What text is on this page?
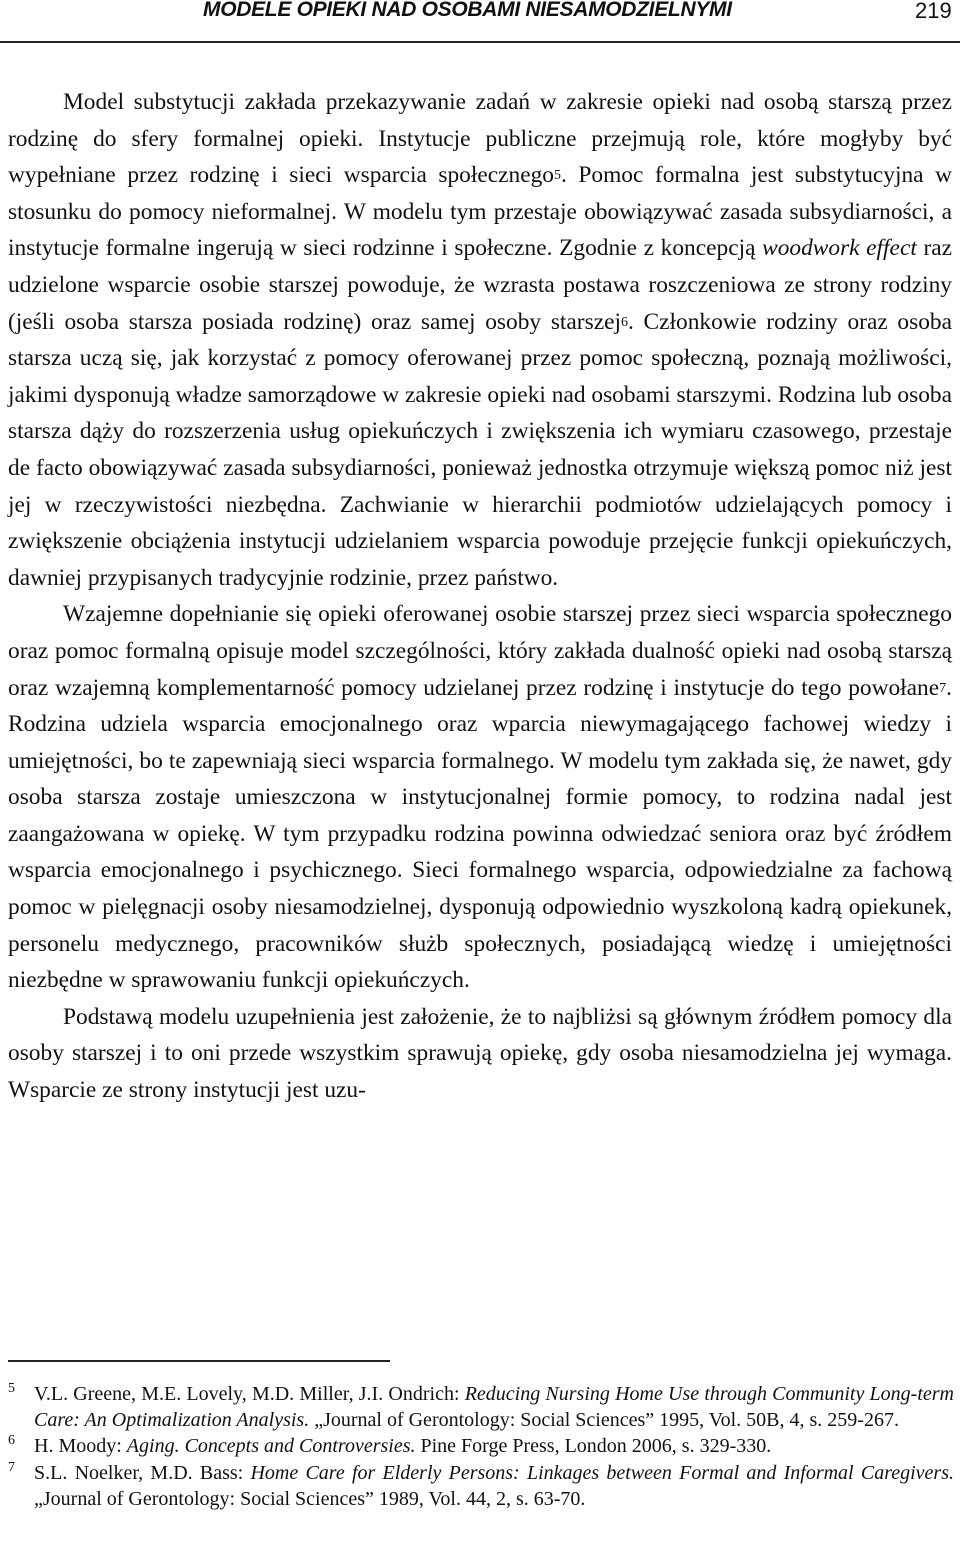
MODELE OPIEKI NAD OSOBAMI NIESAMODZIELNYMI	219

Model substytucji zakłada przekazywanie zadań w zakresie opieki nad osobą starszą przez rodzinę do sfery formalnej opieki. Instytucje publiczne przejmują role, które mogłyby być wypełniane przez rodzinę i sieci wsparcia społecznego$^5$. Pomoc formalna jest substytucyjna w stosunku do pomocy nieformalnej. W modelu tym przestaje obowiązywać zasada subsydiarności, a instytucje formalne ingerują w sieci rodzinne i społeczne. Zgodnie z koncepcją woodwork effect raz udzielone wsparcie osobie starszej powoduje, że wzrasta postawa roszczeniowa ze strony rodziny (jeśli osoba starsza posiada rodzinę) oraz samej osoby starszej$^6$. Członkowie rodziny oraz osoba starsza uczą się, jak korzystać z pomocy oferowanej przez pomoc społeczną, poznają możliwości, jakimi dysponują władze samorządowe w zakresie opieki nad osobami starszymi. Rodzina lub osoba starsza dąży do rozszerzenia usług opiekuńczych i zwiększenia ich wymiaru czasowego, przestaje de facto obowiązywać zasada subsydiarności, ponieważ jednostka otrzymuje większą pomoc niż jest jej w rzeczywistości niezbędna. Zachwianie w hierarchii podmiotów udzielających pomocy i zwiększenie obciążenia instytucji udzielaniem wsparcia powoduje przejęcie funkcji opiekuńczych, dawniej przypisanych tradycyjnie rodzinie, przez państwo.

Wzajemne dopełnianie się opieki oferowanej osobie starszej przez sieci wsparcia społecznego oraz pomoc formalną opisuje model szczególności, który zakłada dualność opieki nad osobą starszą oraz wzajemną komplementarność pomocy udzielanej przez rodzinę i instytucje do tego powołane$^7$. Rodzina udziela wsparcia emocjonalnego oraz wparcia niewymagającego fachowej wiedzy i umiejętności, bo te zapewniają sieci wsparcia formalnego. W modelu tym zakłada się, że nawet, gdy osoba starsza zostaje umieszczona w instytucjonalnej formie pomocy, to rodzina nadal jest zaangażowana w opiekę. W tym przypadku rodzina powinna odwiedzać seniora oraz być źródłem wsparcia emocjonalnego i psychicznego. Sieci formalnego wsparcia, odpowiedzialne za fachową pomoc w pielęgnacji osoby niesamodzielnej, dysponują odpowiednio wyszkoloną kadrą opiekunek, personelu medycznego, pracowników służb społecznych, posiadającą wiedzę i umiejętności niezbędne w sprawowaniu funkcji opiekuńczych.

Podstawą modelu uzupełnienia jest założenie, że to najbliżsi są głównym źródłem pomocy dla osoby starszej i to oni przede wszystkim sprawują opiekę, gdy osoba niesamodzielna jej wymaga. Wsparcie ze strony instytucji jest uzu-

5 V.L. Greene, M.E. Lovely, M.D. Miller, J.I. Ondrich: Reducing Nursing Home Use through Community Long-term Care: An Optimalization Analysis. „Journal of Gerontology: Social Sciences” 1995, Vol. 50B, 4, s. 259-267.
6 H. Moody: Aging. Concepts and Controversies. Pine Forge Press, London 2006, s. 329-330.
7 S.L. Noelker, M.D. Bass: Home Care for Elderly Persons: Linkages between Formal and Informal Caregivers. „Journal of Gerontology: Social Sciences” 1989, Vol. 44, 2, s. 63-70.
